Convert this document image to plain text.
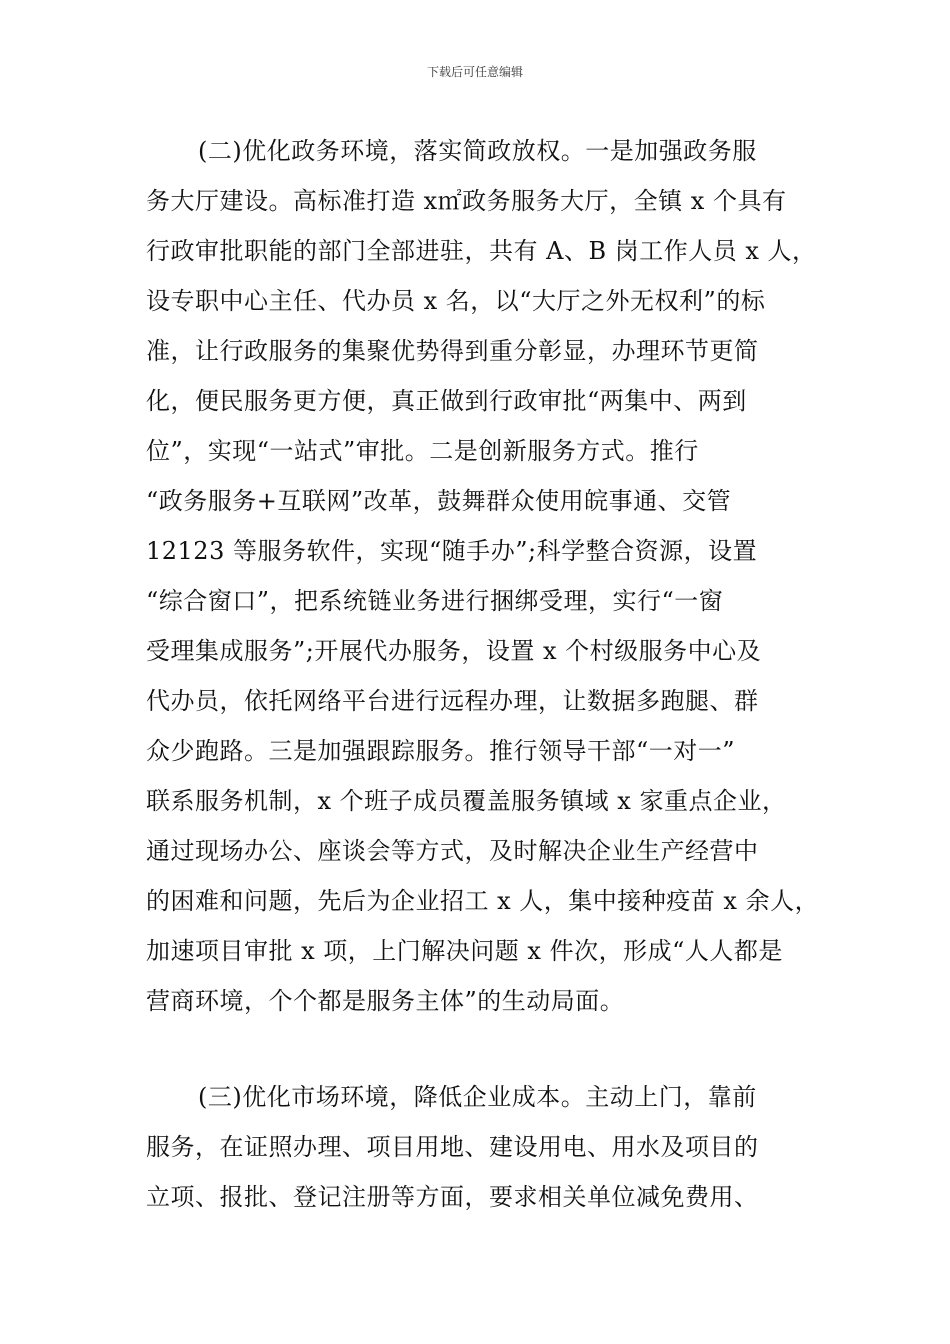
下载后可任意编辑
(二)优化政务环境，落实简政放权。一是加强政务服
务大厅建设。高标准打造 x㎡政务服务大厅，全镇 x 个具有
行政审批职能的部门全部进驻，共有 A、B 岗工作人员 x 人，
设专职中心主任、代办员 x 名，以“大厅之外无权利”的标
准，让行政服务的集聚优势得到重分彰显，办理环节更简
化，便民服务更方便，真正做到行政审批“两集中、两到
位”，实现“一站式”审批。二是创新服务方式。推行
“政务服务+互联网”改革，鼓舞群众使用皖事通、交管
12123 等服务软件，实现“随手办”;科学整合资源，设置
“综合窗口”，把系统链业务进行捆绑受理，实行“一窗
受理集成服务”;开展代办服务，设置 x 个村级服务中心及
代办员，依托网络平台进行远程办理，让数据多跑腿、群
众少跑路。三是加强跟踪服务。推行领导干部“一对一”
联系服务机制，x 个班子成员覆盖服务镇域 x 家重点企业，
通过现场办公、座谈会等方式，及时解决企业生产经营中
的困难和问题，先后为企业招工 x 人，集中接种疫苗 x 余人，
加速项目审批 x 项，上门解决问题 x 件次，形成“人人都是
营商环境，个个都是服务主体”的生动局面。
(三)优化市场环境，降低企业成本。主动上门，靠前
服务，在证照办理、项目用地、建设用电、用水及项目的
立项、报批、登记注册等方面，要求相关单位减免费用、
